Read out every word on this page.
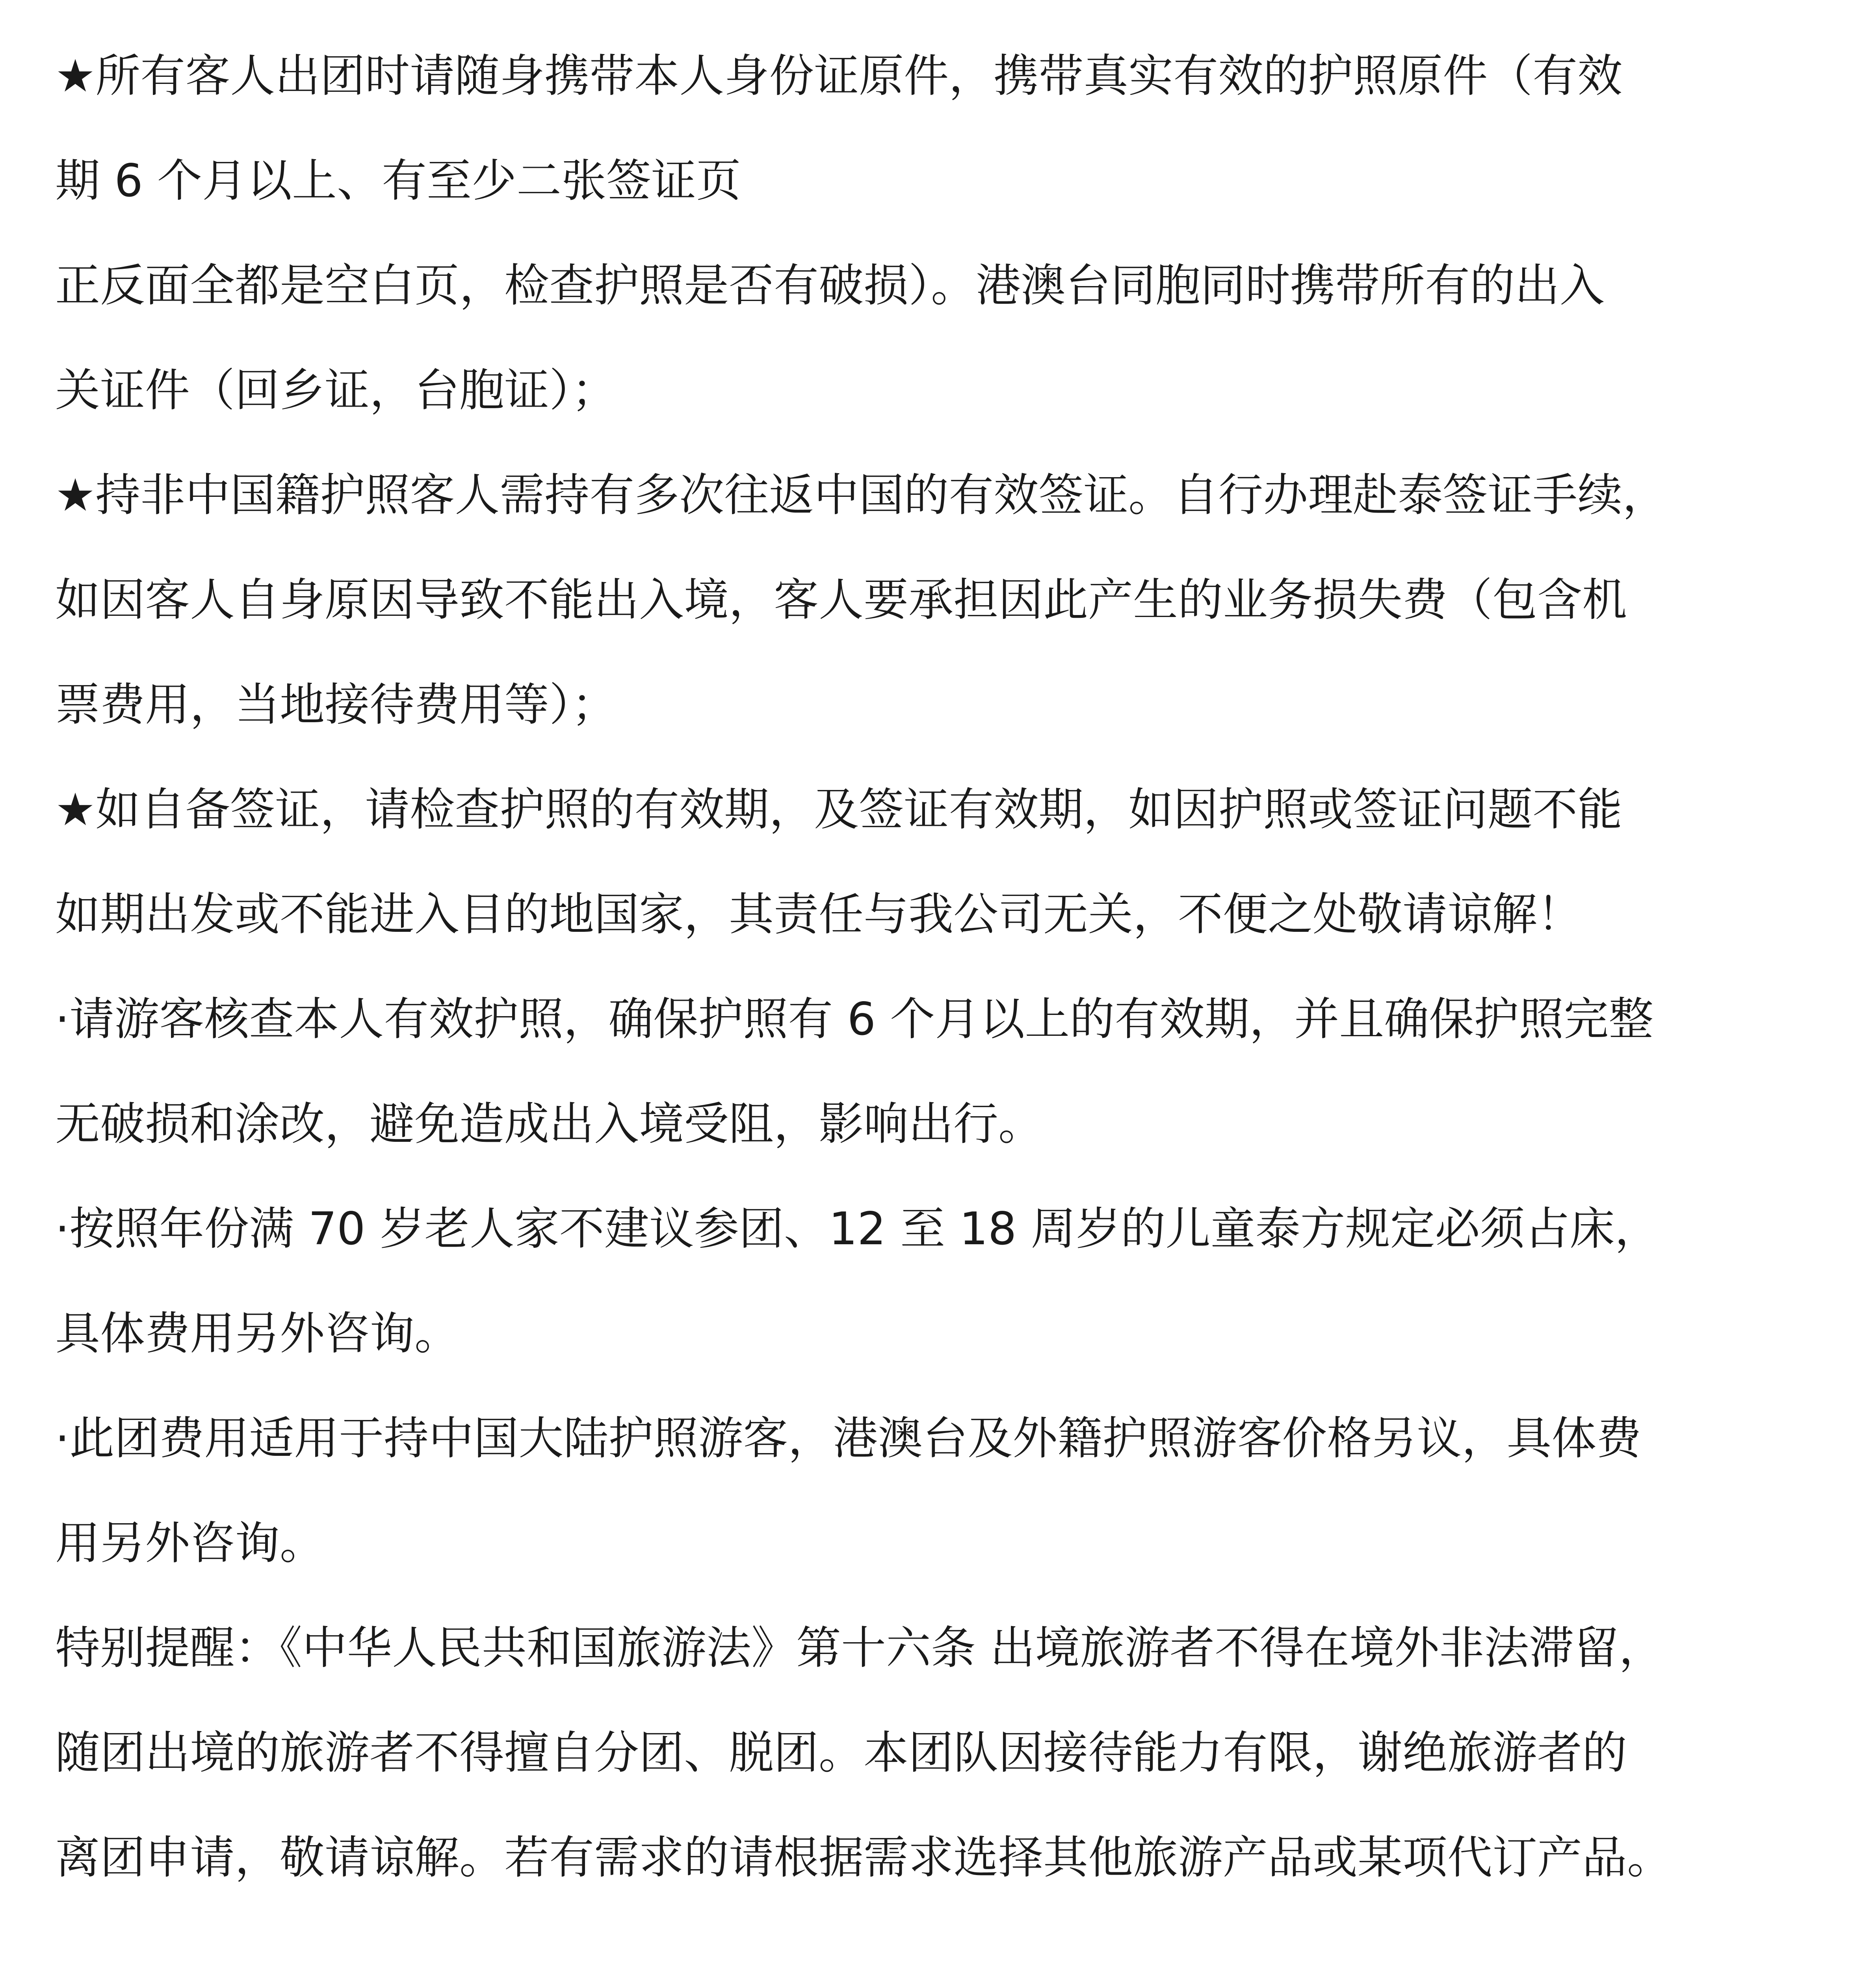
★所有客人出团时请随身携带本人身份证原件，携带真实有效的护照原件（有效
期 6 个月以上、有至少二张签证页
正反面全都是空白页，检查护照是否有破损）。港澳台同胞同时携带所有的出入
关证件（回乡证，台胞证）；
★持非中国籍护照客人需持有多次往返中国的有效签证。自行办理赴泰签证手续，
如因客人自身原因导致不能出入境，客人要承担因此产生的业务损失费（包含机
票费用，当地接待费用等）；
★如自备签证，请检查护照的有效期，及签证有效期，如因护照或签证问题不能
如期出发或不能进入目的地国家，其责任与我公司无关，不便之处敬请谅解！
·请游客核查本人有效护照，确保护照有 6 个月以上的有效期，并且确保护照完整
无破损和涂改，避免造成出入境受阻，影响出行。
·按照年份满 70 岁老人家不建议参团、12 至 18 周岁的儿童泰方规定必须占床，
具体费用另外咨询。
·此团费用适用于持中国大陆护照游客，港澳台及外籍护照游客价格另议，具体费
用另外咨询。
特别提醒：《中华人民共和国旅游法》第十六条 出境旅游者不得在境外非法滞留，
随团出境的旅游者不得擅自分团、脱团。本团队因接待能力有限，谢绝旅游者的
离团申请，敬请谅解。若有需求的请根据需求选择其他旅游产品或某项代订产品。
